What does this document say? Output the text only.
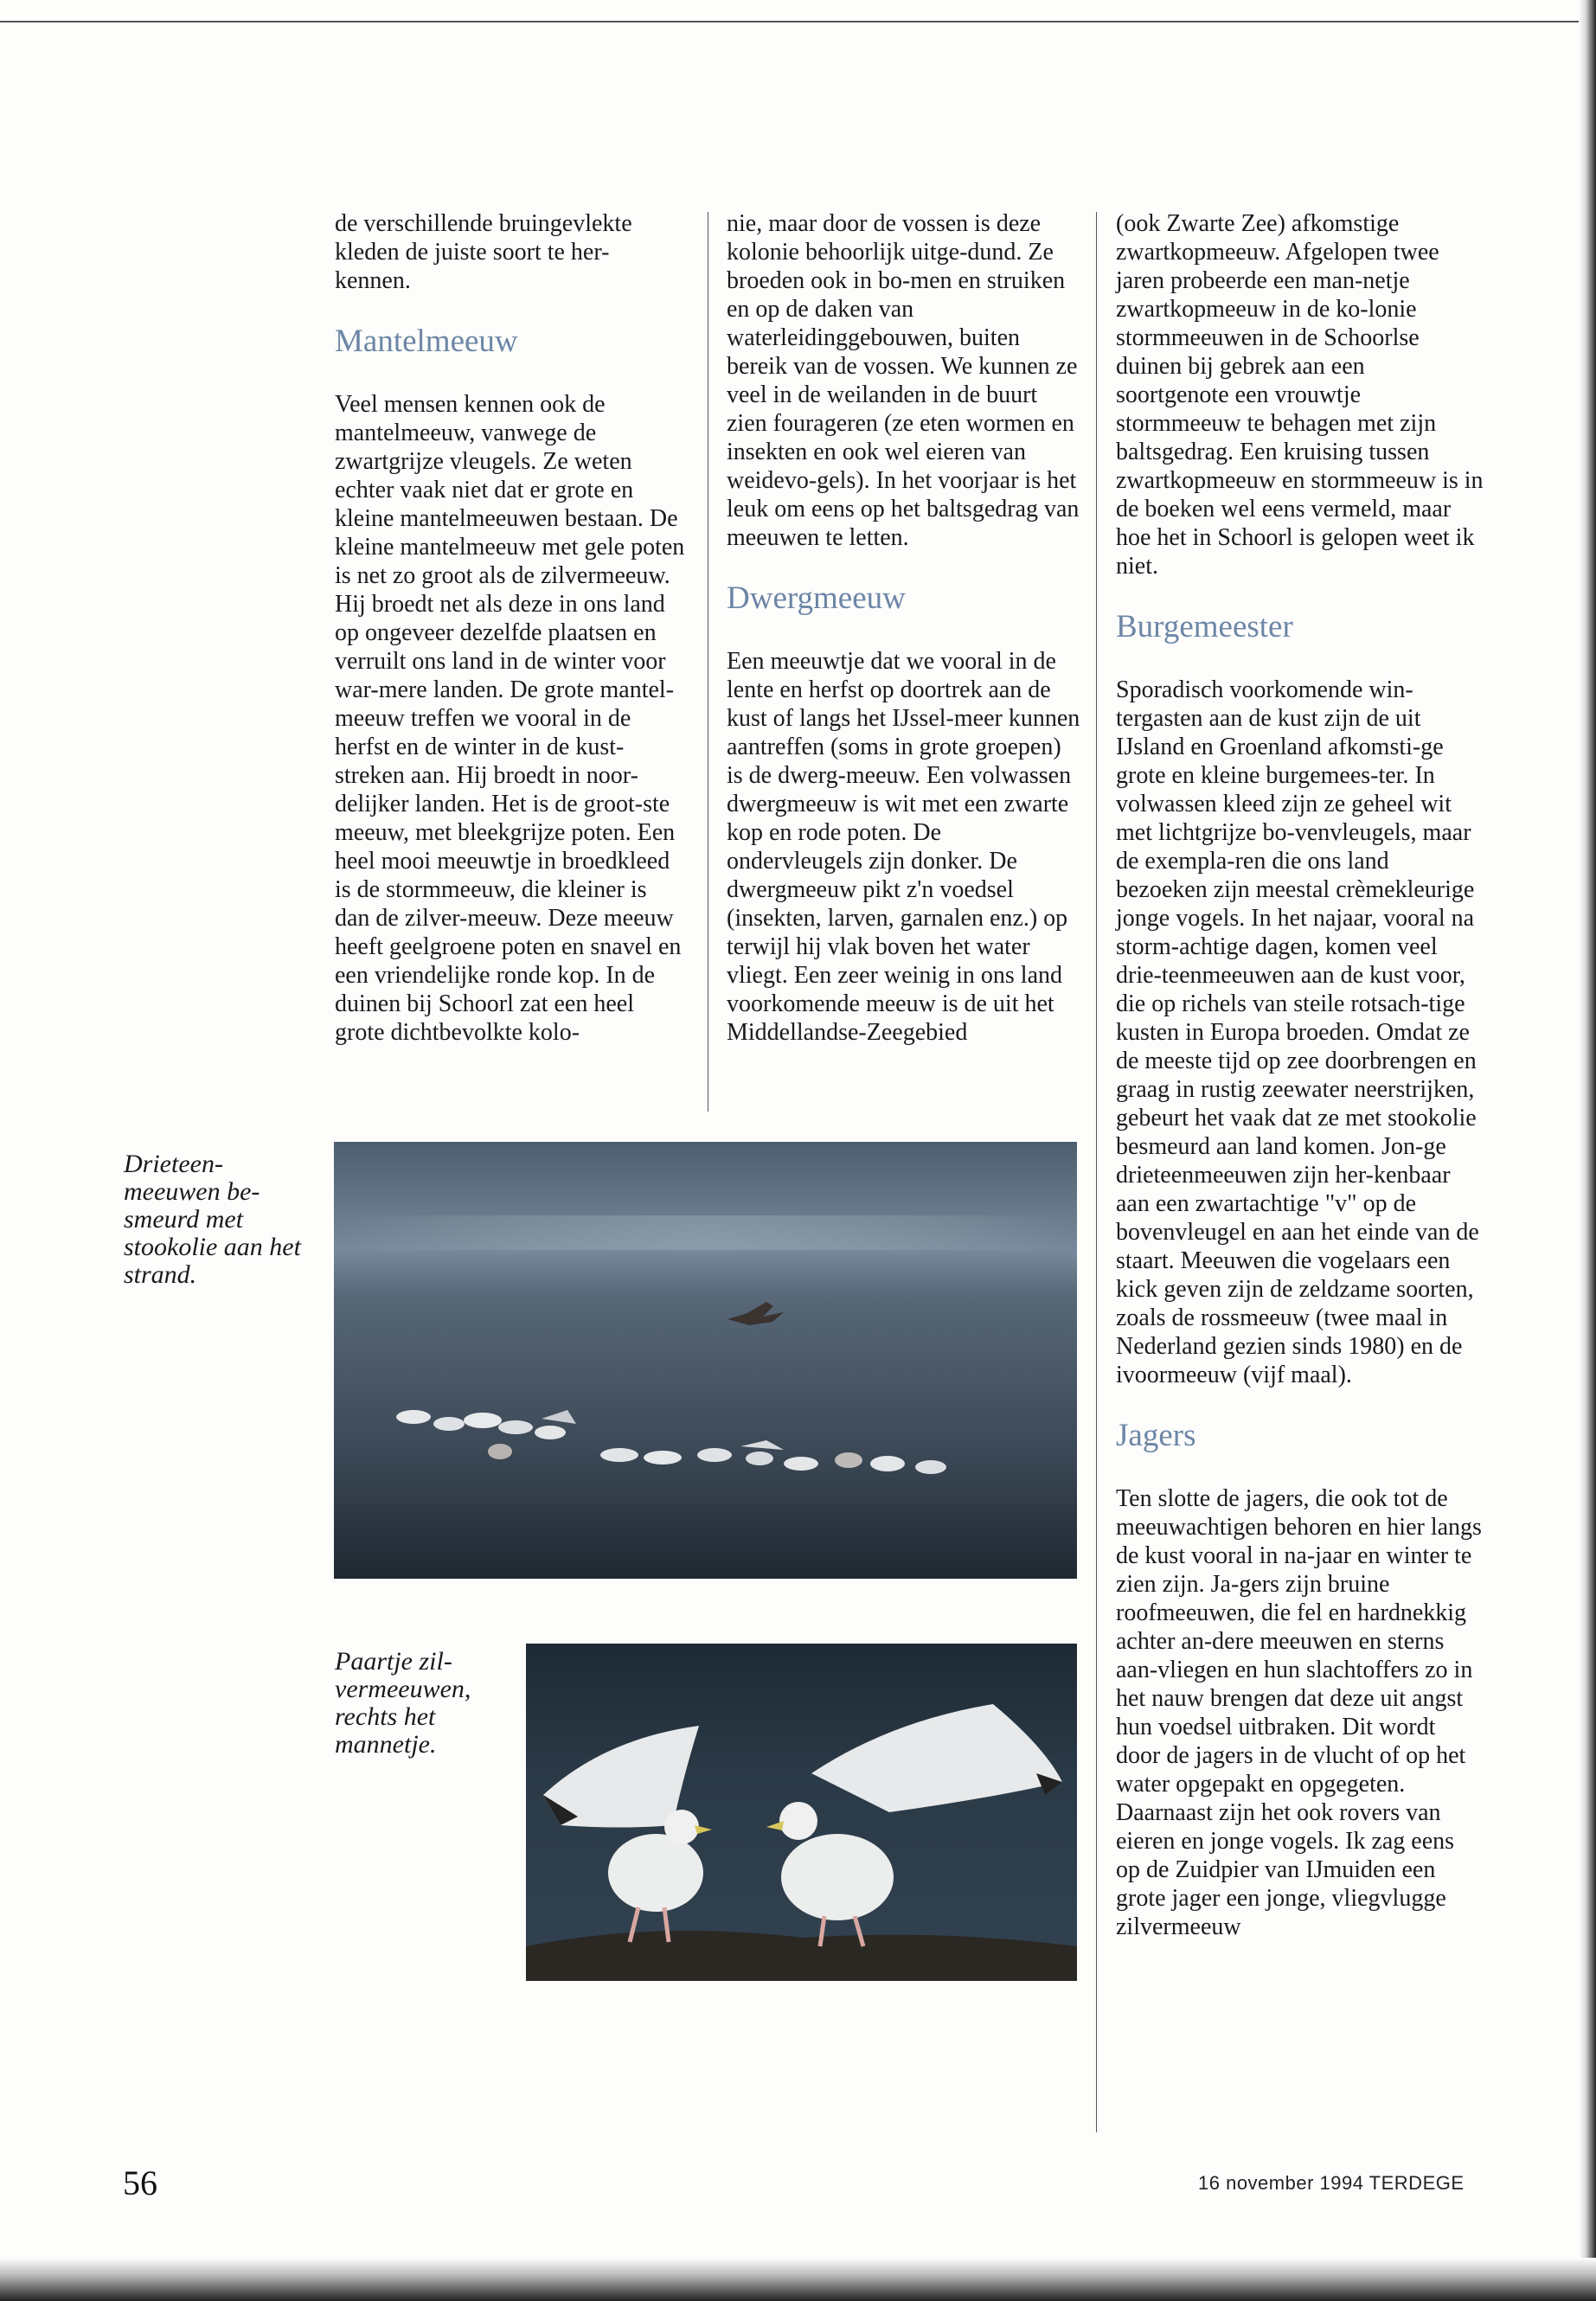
de verschillende bruingevlekte kleden de juiste soort te her-kennen.

Mantelmeeuw

Veel mensen kennen ook de mantelmeeuw, vanwege de zwartgrijze vleugels. Ze weten echter vaak niet dat er grote en kleine mantelmeeuwen bestaan. De kleine mantelmeeuw met gele poten is net zo groot als de zilvermeeuw. Hij broedt net als deze in ons land op ongeveer dezelfde plaatsen en verruilt ons land in de winter voor war-mere landen. De grote mantel-meeuw treffen we vooral in de herfst en de winter in de kust-streken aan. Hij broedt in noor-delijker landen. Het is de groot-ste meeuw, met bleekgrijze poten. Een heel mooi meeuwtje in broedkleed is de stormmeeuw, die kleiner is dan de zilver-meeuw. Deze meeuw heeft geelgroene poten en snavel en een vriendelijke ronde kop. In de duinen bij Schoorl zat een heel grote dichtbevolkte kolo-

nie, maar door de vossen is deze kolonie behoorlijk uitge-dund. Ze broeden ook in bo-men en struiken en op de daken van waterleidinggebouwen, buiten bereik van de vossen. We kunnen ze veel in de weilanden in de buurt zien fourageren (ze eten wormen en insekten en ook wel eieren van weidevo-gels). In het voorjaar is het leuk om eens op het baltsgedrag van meeuwen te letten.

Dwergmeeuw

Een meeuwtje dat we vooral in de lente en herfst op doortrek aan de kust of langs het IJssel-meer kunnen aantreffen (soms in grote groepen) is de dwerg-meeuw. Een volwassen dwergmeeuw is wit met een zwarte kop en rode poten. De ondervleugels zijn donker. De dwergmeeuw pikt z'n voedsel (insekten, larven, garnalen enz.) op terwijl hij vlak boven het water vliegt. Een zeer weinig in ons land voorkomende meeuw is de uit het Middellandse-Zeegebied

(ook Zwarte Zee) afkomstige zwartkopmeeuw. Afgelopen twee jaren probeerde een man-netje zwartkopmeeuw in de ko-lonie stormmeeuwen in de Schoorlse duinen bij gebrek aan een soortgenote een vrouwtje stormmeeuw te behagen met zijn baltsgedrag. Een kruising tussen zwartkopmeeuw en stormmeeuw is in de boeken wel eens vermeld, maar hoe het in Schoorl is gelopen weet ik niet.

Burgemeester

Sporadisch voorkomende win-tergasten aan de kust zijn de uit IJsland en Groenland afkomsti-ge grote en kleine burgemees-ter. In volwassen kleed zijn ze geheel wit met lichtgrijze bo-venvleugels, maar de exempla-ren die ons land bezoeken zijn meestal crèmekleurige jonge vogels. In het najaar, vooral na storm-achtige dagen, komen veel drie-teenmeeuwen aan de kust voor, die op richels van steile rotsach-tige kusten in Europa broeden. Omdat ze de meeste tijd op zee doorbrengen en graag in rustig zeewater neerstrijken, gebeurt het vaak dat ze met stookolie besmeurd aan land komen. Jon-ge drieteenmeeuwen zijn her-kenbaar aan een zwartachtige "v" op de bovenvleugel en aan het einde van de staart. Meeuwen die vogelaars een kick geven zijn de zeldzame soorten, zoals de rossmeeuw (twee maal in Nederland gezien sinds 1980) en de ivoormeeuw (vijf maal).

Jagers

Ten slotte de jagers, die ook tot de meeuwachtigen behoren en hier langs de kust vooral in na-jaar en winter te zien zijn. Ja-gers zijn bruine roofmeeuwen, die fel en hardnekkig achter an-dere meeuwen en sterns aan-vliegen en hun slachtoffers zo in het nauw brengen dat deze uit angst hun voedsel uitbraken. Dit wordt door de jagers in de vlucht of op het water opgepakt en opgegeten. Daarnaast zijn het ook rovers van eieren en jonge vogels. Ik zag eens op de Zuidpier van IJmuiden een grote jager een jonge, vliegvlugge zilvermeeuw

Drieteen-meeuwen be-smeurd met stookolie aan het strand.
Paartje zil-vermeeuwen, rechts het mannetje.
56	16 november 1994 TERDEGE
